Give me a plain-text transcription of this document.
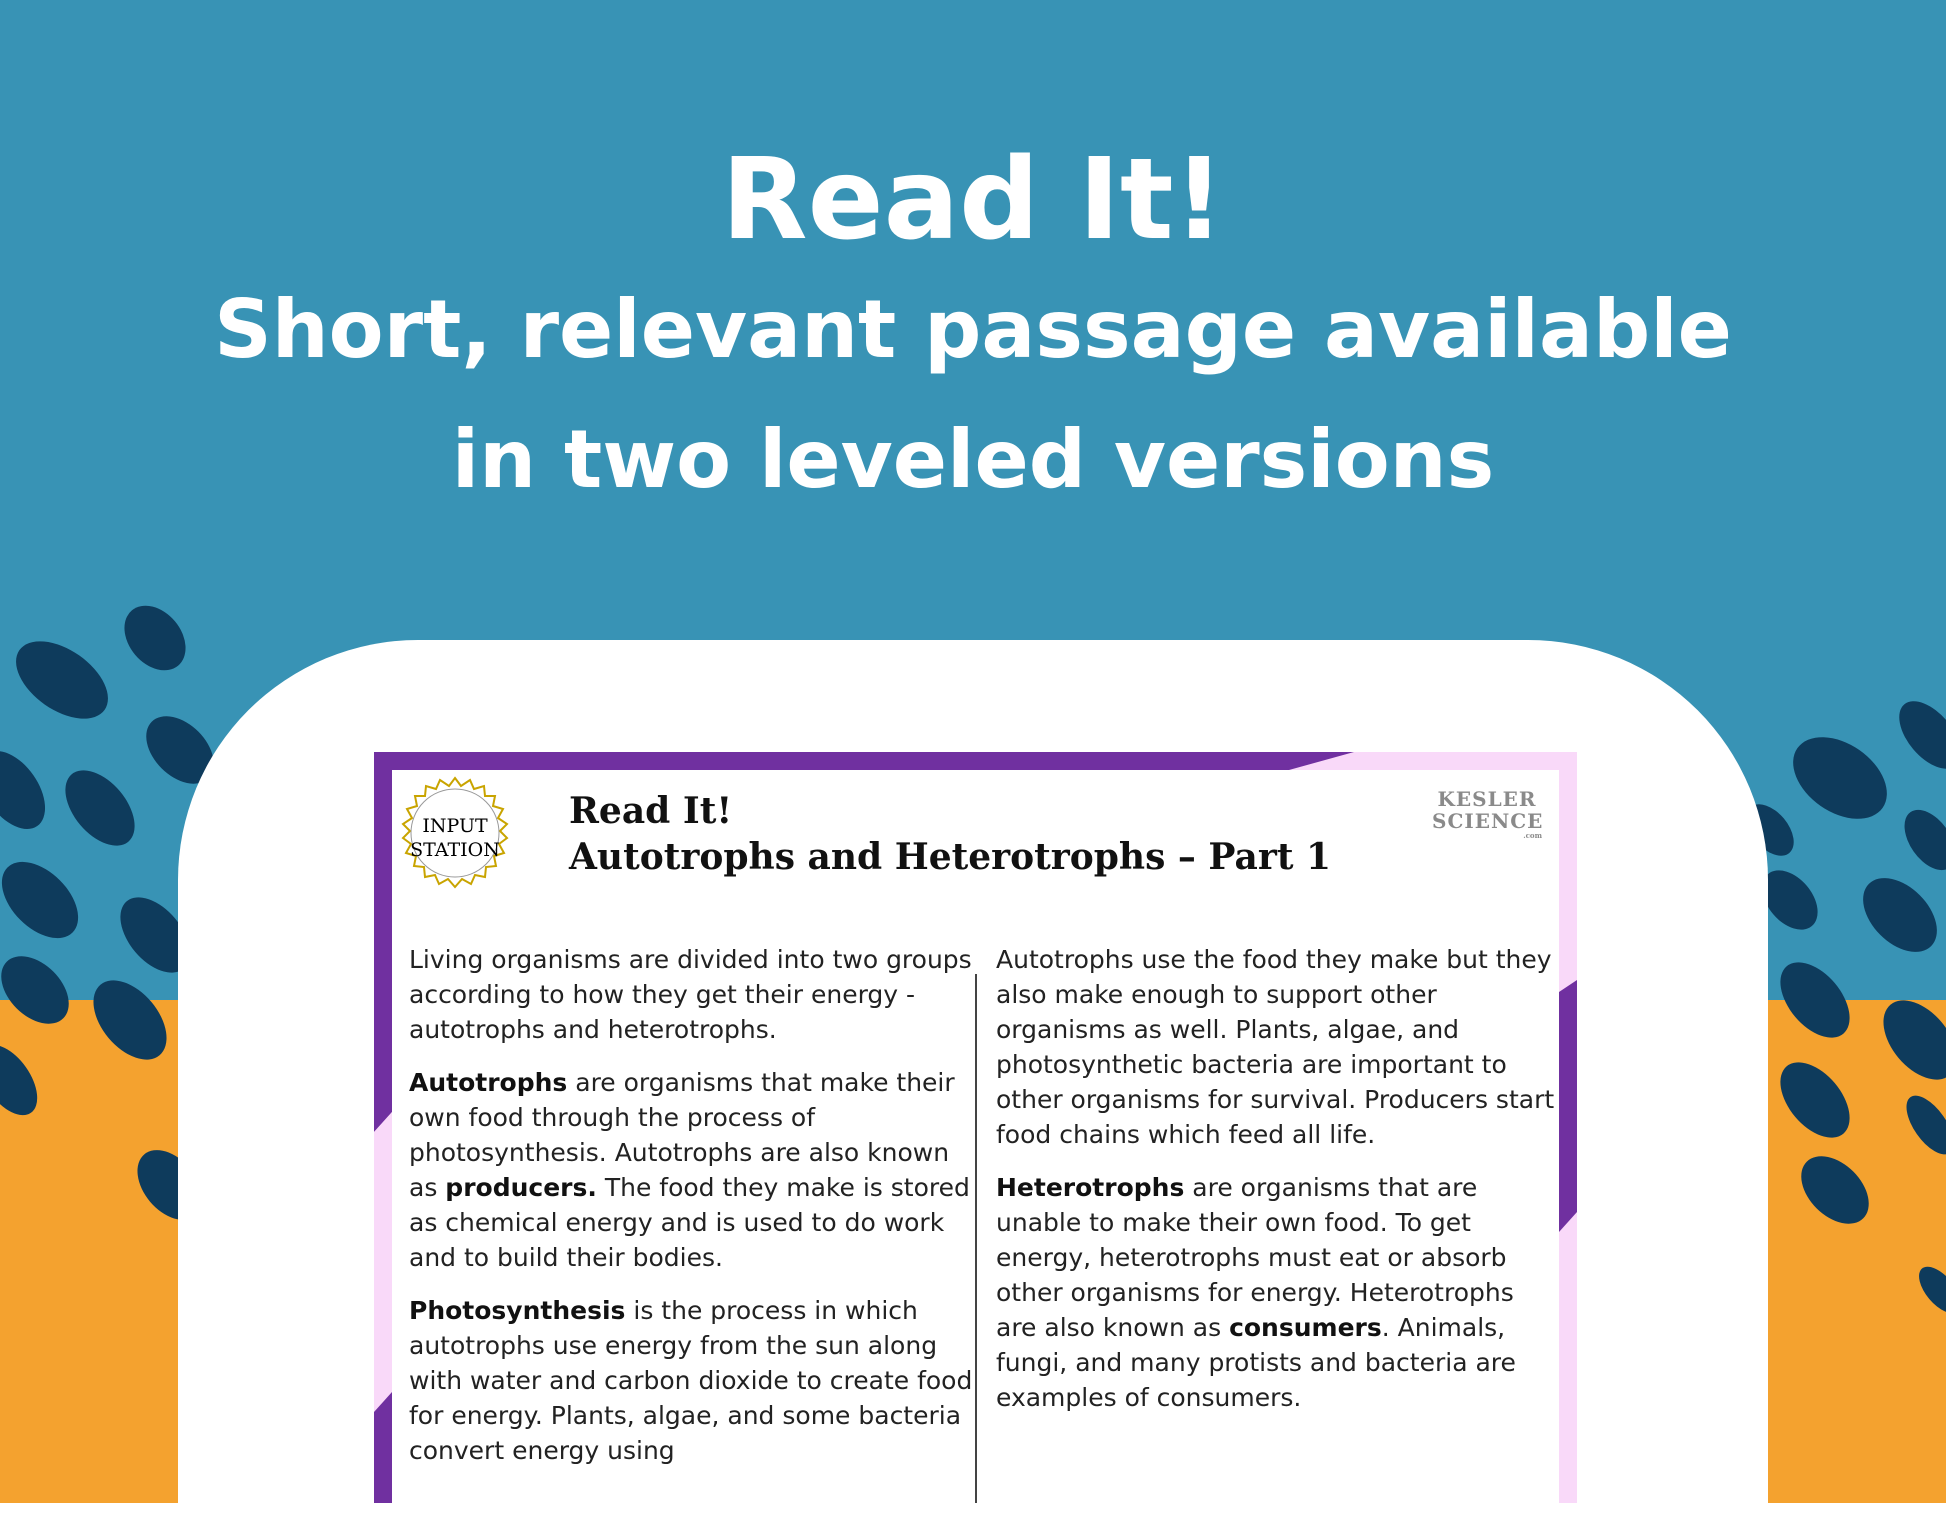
Read It!
Short, relevant passage available
in two leveled versions
INPUT
STATION
Read It!
Autotrophs and Heterotrophs – Part 1
KESLER
SCIENCE
.com

Living organisms are divided into two groups according to how they get their energy - autotrophs and heterotrophs.

Autotrophs are organisms that make their own food through the process of photosynthesis. Autotrophs are also known as producers. The food they make is stored as chemical energy and is used to do work and to build their bodies.

Photosynthesis is the process in which autotrophs use energy from the sun along with water and carbon dioxide to create food for energy. Plants, algae, and some bacteria convert energy using

Autotrophs use the food they make but they also make enough to support other organisms as well. Plants, algae, and photosynthetic bacteria are important to other organisms for survival. Producers start food chains which feed all life.

Heterotrophs are organisms that are unable to make their own food. To get energy, heterotrophs must eat or absorb other organisms for energy. Heterotrophs are also known as consumers. Animals, fungi, and many protists and bacteria are examples of consumers.
